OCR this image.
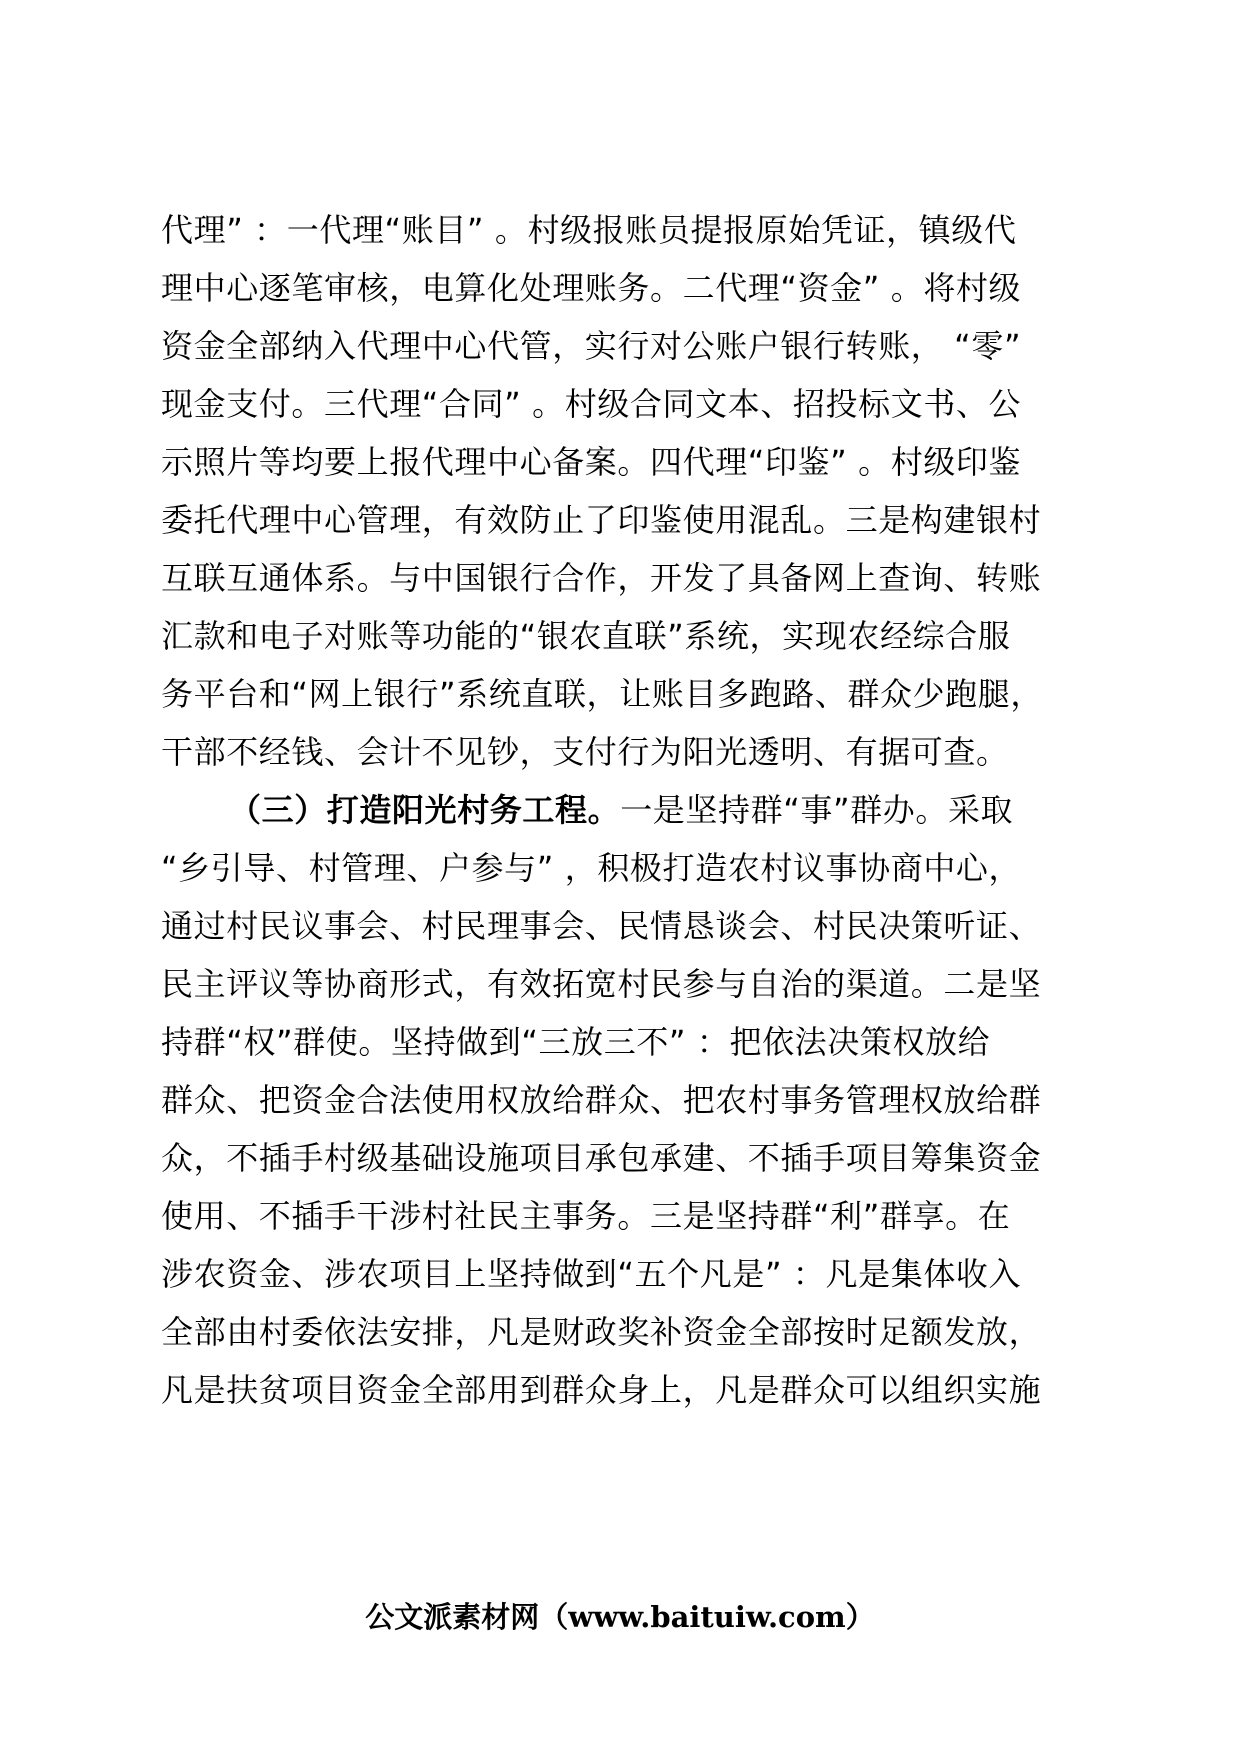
代理” ：一代理“账目” 。村级报账员提报原始凭证，镇级代
理中心逐笔审核，电算化处理账务。二代理“资金” 。将村级
资金全部纳入代理中心代管，实行对公账户银行转账， “零”
现金支付。三代理“合同” 。村级合同文本、招投标文书、公
示照片等均要上报代理中心备案。四代理“印鉴” 。村级印鉴
委托代理中心管理，有效防止了印鉴使用混乱。三是构建银村
互联互通体系。与中国银行合作，开发了具备网上查询、转账
汇款和电子对账等功能的“银农直联”系统，实现农经综合服
务平台和“网上银行”系统直联，让账目多跑路、群众少跑腿，
干部不经钱、会计不见钞，支付行为阳光透明、有据可查。
（三）打造阳光村务工程。一是坚持群“事”群办。采取
“乡引导、村管理、户参与” ，积极打造农村议事协商中心，
通过村民议事会、村民理事会、民情恳谈会、村民决策听证、
民主评议等协商形式，有效拓宽村民参与自治的渠道。二是坚
持群“权”群使。坚持做到“三放三不” ：把依法决策权放给
群众、把资金合法使用权放给群众、把农村事务管理权放给群
众，不插手村级基础设施项目承包承建、不插手项目筹集资金
使用、不插手干涉村社民主事务。三是坚持群“利”群享。在
涉农资金、涉农项目上坚持做到“五个凡是” ：凡是集体收入
全部由村委依法安排，凡是财政奖补资金全部按时足额发放，
凡是扶贫项目资金全部用到群众身上，凡是群众可以组织实施
公文派素材网（www.baituiw.com）
